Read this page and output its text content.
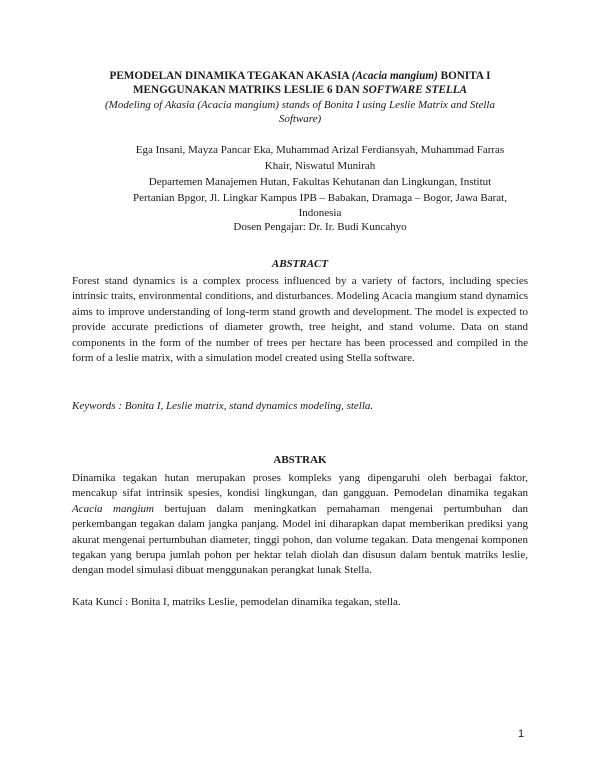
PEMODELAN DINAMIKA TEGAKAN AKASIA (Acacia mangium) BONITA I
MENGGUNAKAN MATRIKS LESLIE 6 DAN SOFTWARE STELLA
(Modeling of Akasia (Acacia mangium) stands of Bonita I using Leslie Matrix and Stella
Software)
Ega Insani, Mayza Pancar Eka, Muhammad Arizal Ferdiansyah, Muhammad Farras
Khair, Niswatul Munirah
Departemen Manajemen Hutan, Fakultas Kehutanan dan Lingkungan, Institut
Pertanian Bpgor, Jl. Lingkar Kampus IPB – Babakan, Dramaga – Bogor, Jawa Barat,
Indonesia
Dosen Pengajar: Dr. Ir. Budi Kuncahyo
ABSTRACT

Forest stand dynamics is a complex process influenced by a variety of factors, including species intrinsic traits, environmental conditions, and disturbances. Modeling Acacia mangium stand dynamics aims to improve understanding of long-term stand growth and development. The model is expected to provide accurate predictions of diameter growth, tree height, and stand volume. Data on stand components in the form of the number of trees per hectare has been processed and compiled in the form of a leslie matrix, with a simulation model created using Stella software.

Keywords : Bonita I, Leslie matrix, stand dynamics modeling, stella.

ABSTRAK

Dinamika tegakan hutan merupakan proses kompleks yang dipengaruhi oleh berbagai faktor, mencakup sifat intrinsik spesies, kondisi lingkungan, dan gangguan. Pemodelan dinamika tegakan Acacia mangium bertujuan dalam meningkatkan pemahaman mengenai pertumbuhan dan perkembangan tegakan dalam jangka panjang. Model ini diharapkan dapat memberikan prediksi yang akurat mengenai pertumbuhan diameter, tinggi pohon, dan volume tegakan. Data mengenai komponen tegakan yang berupa jumlah pohon per hektar telah diolah dan disusun dalam bentuk matriks leslie, dengan model simulasi dibuat menggunakan perangkat lunak Stella.

Kata Kunci : Bonita I, matriks Leslie, pemodelan dinamika tegakan, stella.

1
